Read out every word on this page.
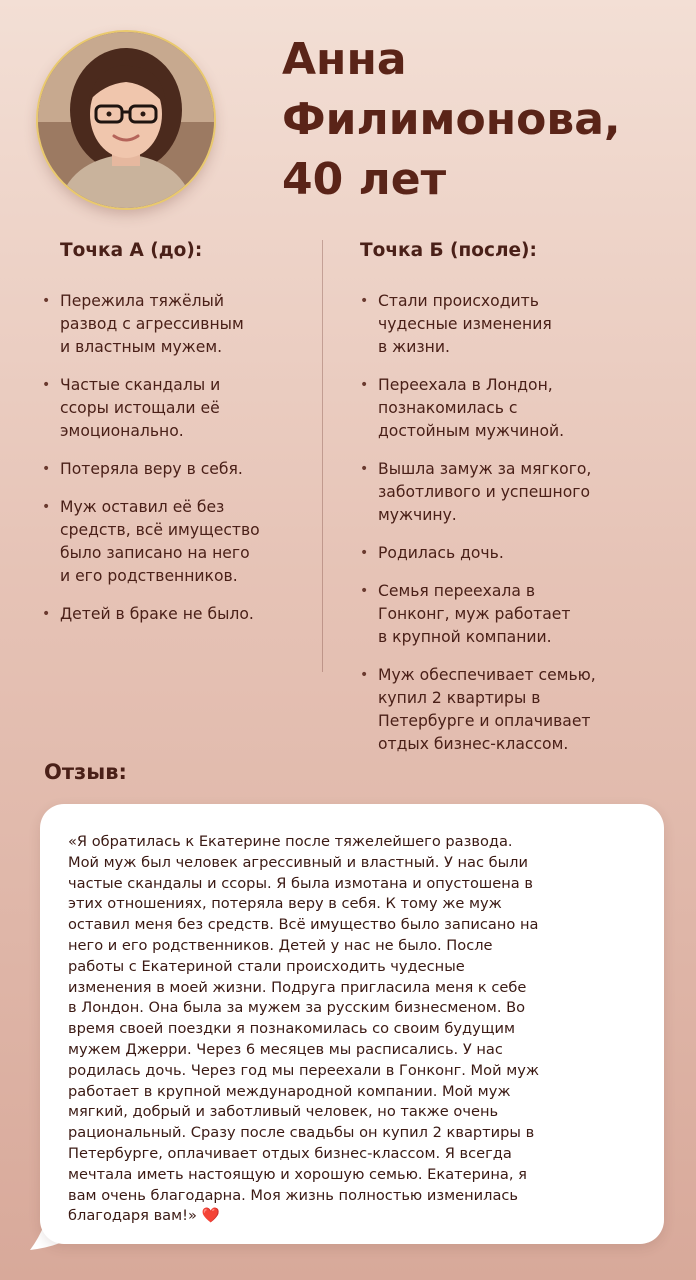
Анна
Филимонова,
40 лет
Точка А (до):	Точка Б (после):
• Пережила тяжёлый
развод с агрессивным
и властным мужем.
• Частые скандалы и
ссоры истощали её
эмоционально.
• Потеряла веру в себя.
• Муж оставил её без
средств, всё имущество
было записано на него
и его родственников.
• Детей в браке не было.
• Стали происходить
чудесные изменения
в жизни.
• Переехала в Лондон,
познакомилась с
достойным мужчиной.
• Вышла замуж за мягкого,
заботливого и успешного
мужчину.
• Родилась дочь.
• Семья переехала в
Гонконг, муж работает
в крупной компании.
• Муж обеспечивает семью,
купил 2 квартиры в
Петербурге и оплачивает
отдых бизнес-классом.
Отзыв:
«Я обратилась к Екатерине после тяжелейшего развода.
Мой муж был человек агрессивный и властный. У нас были
частые скандалы и ссоры. Я была измотана и опустошена в
этих отношениях, потеряла веру в себя. К тому же муж
оставил меня без средств. Всё имущество было записано на
него и его родственников. Детей у нас не было. После
работы с Екатериной стали происходить чудесные
изменения в моей жизни. Подруга пригласила меня к себе
в Лондон. Она была за мужем за русским бизнесменом. Во
время своей поездки я познакомилась со своим будущим
мужем Джерри. Через 6 месяцев мы расписались. У нас
родилась дочь. Через год мы переехали в Гонконг. Мой муж
работает в крупной международной компании. Мой муж
мягкий, добрый и заботливый человек, но также очень
рациональный. Сразу после свадьбы он купил 2 квартиры в
Петербурге, оплачивает отдых бизнес-классом. Я всегда
мечтала иметь настоящую и хорошую семью. Екатерина, я
вам очень благодарна. Моя жизнь полностью изменилась
благодаря вам!» ❤️
